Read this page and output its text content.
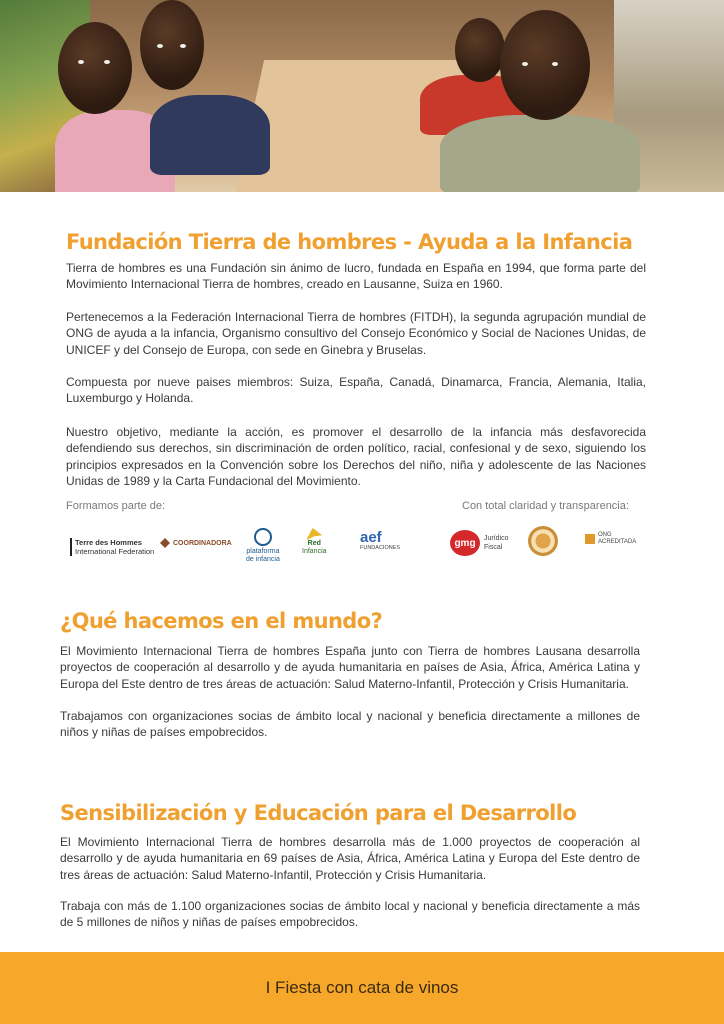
Fundación Tierra de hombres - Ayuda a la Infancia

Tierra de hombres es una Fundación sin ánimo de lucro, fundada en España en 1994, que forma parte del Movimiento Internacional Tierra de hombres, creado en Lausanne, Suiza en 1960.

Pertenecemos a la Federación Internacional Tierra de hombres (FITDH), la segunda agrupación mundial de ONG de ayuda a la infancia, Organismo consultivo del Consejo Económico y Social de Naciones Unidas, de UNICEF y del Consejo de Europa, con sede en Ginebra y Bruselas.

Compuesta por nueve paises miembros: Suiza, España, Canadá, Dinamarca, Francia, Alemania, Italia, Luxemburgo y Holanda.

Nuestro objetivo, mediante la acción, es promover el desarrollo de la infancia más desfavorecida defendiendo sus derechos, sin discriminación de orden político, racial, confesional y de sexo, siguiendo los principios expresados en la Convención sobre los Derechos del niño, niña y adolescente de las Naciones Unidas de 1989 y la Carta Fundacional del Movimiento.

Formamos parte de:	Con total claridad y transparencia:
Terre des Hommes
International Federation
COORDINADORA
plataforma
de infancia
Red
Infancia
aef
FUNDACIONES	gmg	Jurídico
Fiscal
ONG
ACREDITADA
¿Qué hacemos en el mundo?

El Movimiento Internacional Tierra de hombres España junto con Tierra de hombres Lausana desarrolla proyectos de cooperación al desarrollo y de ayuda humanitaria en países de Asia, África, América Latina y Europa del Este dentro de tres áreas de actuación: Salud Materno-Infantil, Protección y Crisis Humanitaria.

Trabajamos con organizaciones socias de ámbito local y nacional y beneficia directamente a millones de niños y niñas de países empobrecidos.

Sensibilización y Educación para el Desarrollo

El Movimiento Internacional Tierra de hombres desarrolla más de 1.000 proyectos de cooperación al desarrollo y de ayuda humanitaria en 69 países de Asia, África, América Latina y Europa del Este dentro de tres áreas de actuación: Salud Materno-Infantil, Protección y Crisis Humanitaria.

Trabaja con más de 1.100 organizaciones socias de ámbito local y nacional y beneficia directamente a más de 5 millones de niños y niñas de países empobrecidos.

I Fiesta con cata de vinos
